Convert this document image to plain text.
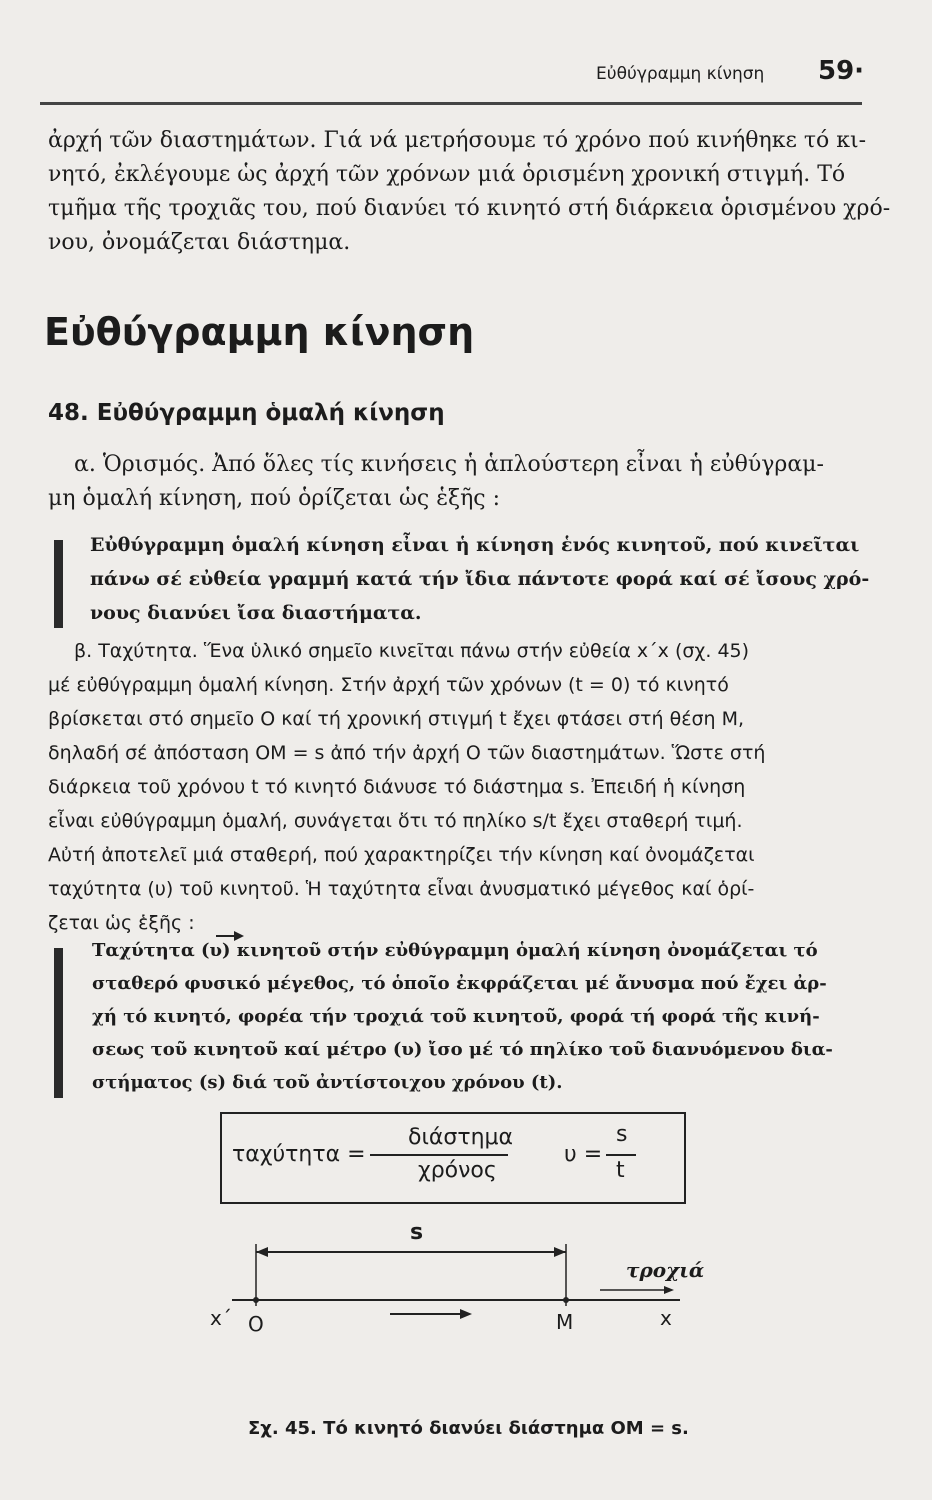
Εὐθύγραμμη κίνηση 59·
ἀρχή τῶν διαστημάτων. Γιά νά μετρήσουμε τό χρόνο πού κινήθηκε τό κι-
νητό, ἐκλέγουμε ὡς ἀρχή τῶν χρόνων μιά ὁρισμένη χρονική στιγμή. Τό
τμῆμα τῆς τροχιᾶς του, πού διανύει τό κινητό στή διάρκεια ὁρισμένου χρό-
νου, ὀνομάζεται διάστημα.
Εὐθύγραμμη κίνηση
48. Εὐθύγραμμη ὁμαλή κίνηση
α. Ὁρισμός. Ἀπό ὅλες τίς κινήσεις ἡ ἁπλούστερη εἶναι ἡ εὐθύγραμ-
μη ὁμαλή κίνηση, πού ὁρίζεται ὡς ἑξῆς :
Εὐθύγραμμη ὁμαλή κίνηση εἶναι ἡ κίνηση ἑνός κινητοῦ, πού κινεῖται
πάνω σέ εὐθεία γραμμή κατά τήν ἴδια πάντοτε φορά καί σέ ἴσους χρό-
νους διανύει ἴσα διαστήματα.
β. Ταχύτητα. Ἕνα ὑλικό σημεῖο κινεῖται πάνω στήν εὐθεία x΄x (σχ. 45)
μέ εὐθύγραμμη ὁμαλή κίνηση. Στήν ἀρχή τῶν χρόνων (t = 0) τό κινητό
βρίσκεται στό σημεῖο Ο καί τή χρονική στιγμή t ἔχει φτάσει στή θέση Μ,
δηλαδή σέ ἀπόσταση ΟΜ = s ἀπό τήν ἀρχή Ο τῶν διαστημάτων. Ὥστε στή
διάρκεια τοῦ χρόνου t τό κινητό διάνυσε τό διάστημα s. Ἐπειδή ἡ κίνηση
εἶναι εὐθύγραμμη ὁμαλή, συνάγεται ὅτι τό πηλίκο s/t ἔχει σταθερή τιμή.
Αὐτή ἀποτελεῖ μιά σταθερή, πού χαρακτηρίζει τήν κίνηση καί ὀνομάζεται
ταχύτητα (υ) τοῦ κινητοῦ. Ἡ ταχύτητα εἶναι ἀνυσματικό μέγεθος καί ὁρί-
ζεται ὡς ἑξῆς :
Ταχύτητα (υ) κινητοῦ στήν εὐθύγραμμη ὁμαλή κίνηση ὀνομάζεται τό
σταθερό φυσικό μέγεθος, τό ὁποῖο ἐκφράζεται μέ ἄνυσμα πού ἔχει ἀρ-
χή τό κινητό, φορέα τήν τροχιά τοῦ κινητοῦ, φορά τή φορά τῆς κινή-
σεως τοῦ κινητοῦ καί μέτρο (υ) ἴσο μέ τό πηλίκο τοῦ διανυόμενου δια-
στήματος (s) διά τοῦ ἀντίστοιχου χρόνου (t).
ταχύτητα =
διάστημα
χρόνος
υ =
s
t
s
τροχιά
x΄ Ο	Μ	x
Σχ. 45. Τό κινητό διανύει διάστημα ΟΜ = s.
